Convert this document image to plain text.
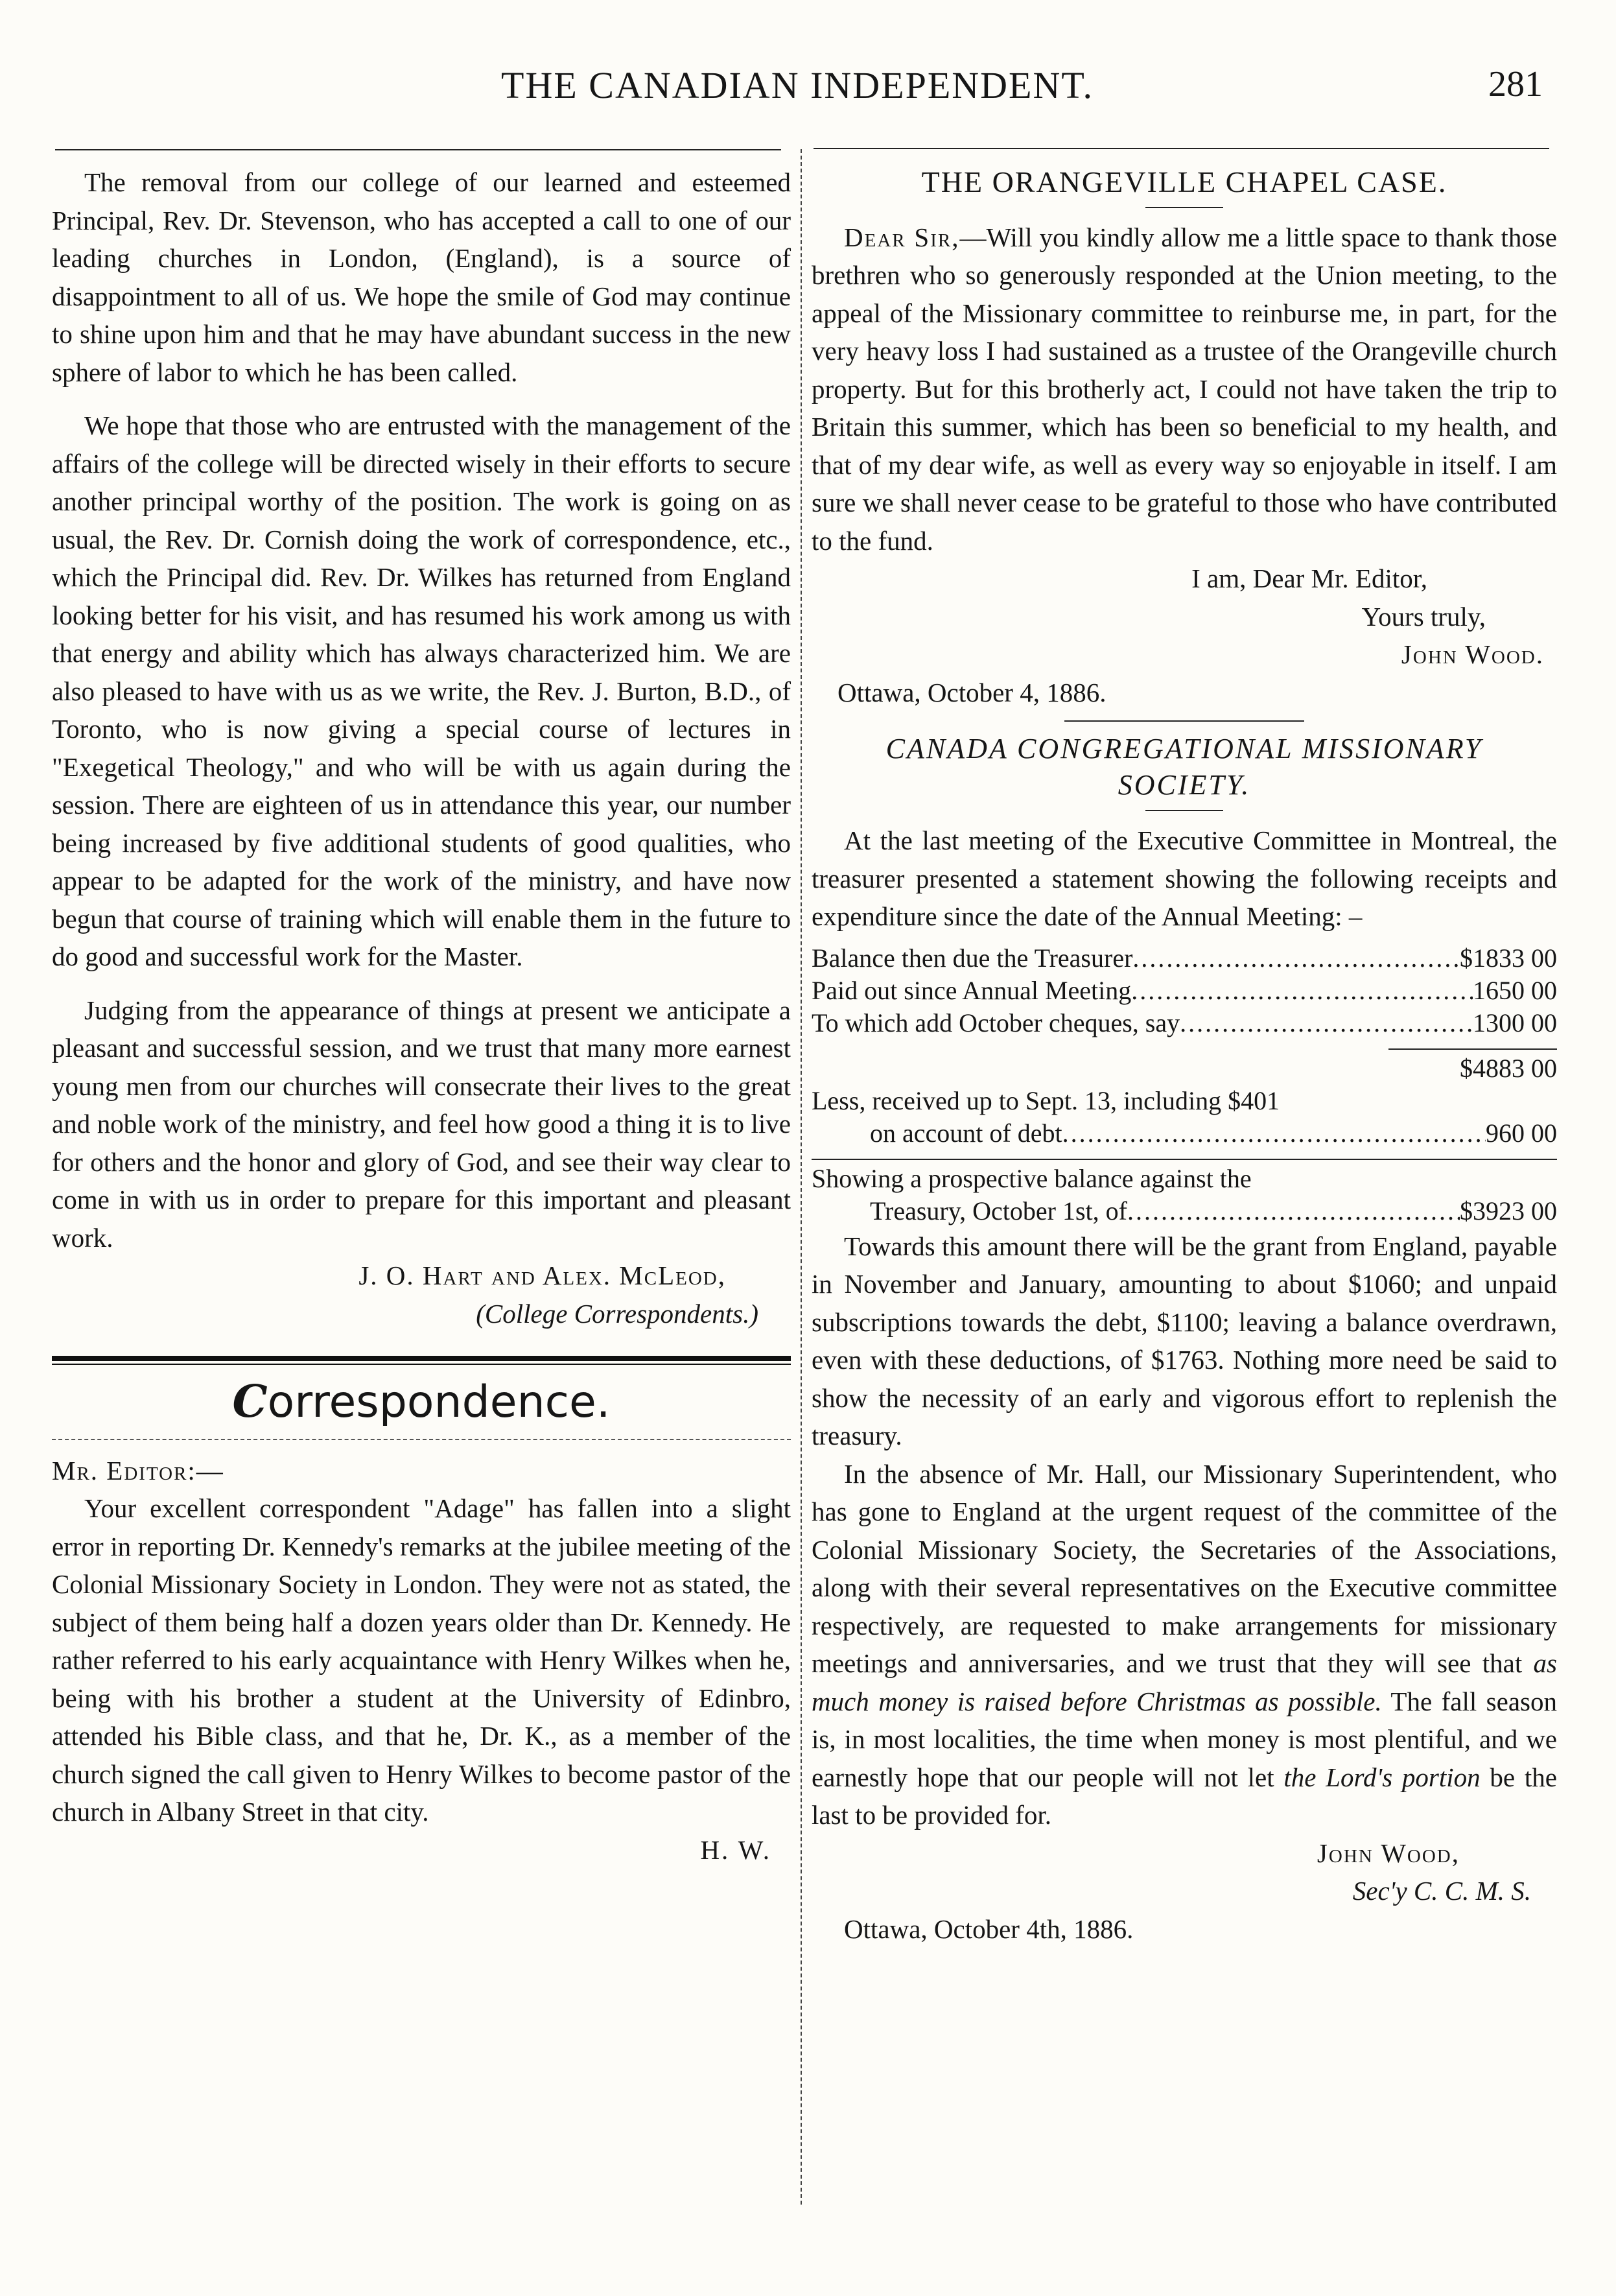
THE CANADIAN INDEPENDENT.	281

The removal from our college of our learned and esteemed Principal, Rev. Dr. Stevenson, who has accepted a call to one of our leading churches in London, (England), is a source of disappointment to all of us. We hope the smile of God may continue to shine upon him and that he may have abundant success in the new sphere of labor to which he has been called.

We hope that those who are entrusted with the management of the affairs of the college will be directed wisely in their efforts to secure another principal worthy of the position. The work is going on as usual, the Rev. Dr. Cornish doing the work of correspondence, etc., which the Principal did. Rev. Dr. Wilkes has returned from England looking better for his visit, and has resumed his work among us with that energy and ability which has always characterized him. We are also pleased to have with us as we write, the Rev. J. Burton, B.D., of Toronto, who is now giving a special course of lectures in "Exegetical Theology," and who will be with us again during the session. There are eighteen of us in attendance this year, our number being increased by five additional students of good qualities, who appear to be adapted for the work of the ministry, and have now begun that course of training which will enable them in the future to do good and successful work for the Master.

Judging from the appearance of things at present we anticipate a pleasant and successful session, and we trust that many more earnest young men from our churches will consecrate their lives to the great and noble work of the ministry, and feel how good a thing it is to live for others and the honor and glory of God, and see their way clear to come in with us in order to prepare for this important and pleasant work.

J. O. Hart and Alex. McLeod,
(College Correspondents.)
Correspondence.
Mr. Editor:—

Your excellent correspondent "Adage" has fallen into a slight error in reporting Dr. Kennedy's remarks at the jubilee meeting of the Colonial Missionary Society in London. They were not as stated, the subject of them being half a dozen years older than Dr. Kennedy. He rather referred to his early acquaintance with Henry Wilkes when he, being with his brother a student at the University of Edinbro, attended his Bible class, and that he, Dr. K., as a member of the church signed the call given to Henry Wilkes to become pastor of the church in Albany Street in that city.

H. W.
THE ORANGEVILLE CHAPEL CASE.

Dear Sir,—Will you kindly allow me a little space to thank those brethren who so generously responded at the Union meeting, to the appeal of the Missionary committee to reinburse me, in part, for the very heavy loss I had sustained as a trustee of the Orangeville church property. But for this brotherly act, I could not have taken the trip to Britain this summer, which has been so beneficial to my health, and that of my dear wife, as well as every way so enjoyable in itself. I am sure we shall never cease to be grateful to those who have contributed to the fund.

I am, Dear Mr. Editor,
Yours truly,
John Wood.
Ottawa, October 4, 1886.
CANADA CONGREGATIONAL MISSIONARY
SOCIETY.

At the last meeting of the Executive Committee in Montreal, the treasurer presented a statement showing the following receipts and expenditure since the date of the Annual Meeting: –

Balance then due the Treasurer .....	$1833 00
Paid out since Annual Meeting .....	1650 00
To which add October cheques, say .....	1300 00
$4883 00
Less, received up to Sept. 13, including $401
on account of debt .....	960 00
Showing a prospective balance against the
Treasury, October 1st, of .....	$3923 00

Towards this amount there will be the grant from England, payable in November and January, amounting to about $1060; and unpaid subscriptions towards the debt, $1100; leaving a balance overdrawn, even with these deductions, of $1763. Nothing more need be said to show the necessity of an early and vigorous effort to replenish the treasury.

In the absence of Mr. Hall, our Missionary Superintendent, who has gone to England at the urgent request of the committee of the Colonial Missionary Society, the Secretaries of the Associations, along with their several representatives on the Executive committee respectively, are requested to make arrangements for missionary meetings and anniversaries, and we trust that they will see that as much money is raised before Christmas as possible. The fall season is, in most localities, the time when money is most plentiful, and we earnestly hope that our people will not let the Lord's portion be the last to be provided for.

John Wood,
Sec'y C. C. M. S.
Ottawa, October 4th, 1886.
